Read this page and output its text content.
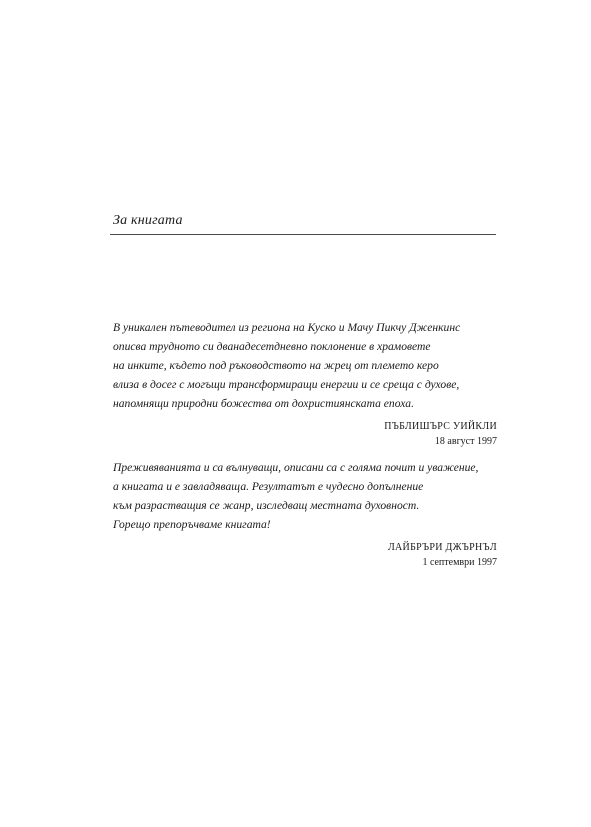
За книгата

В уникален пътеводител из региона на Куско и Мачу Пикчу Дженкинс
описва трудното си дванадесетдневно поклонение в храмовете
на инките, където под ръководството на жрец от племето керо
влиза в досег с могъщи трансформиращи енергии и се среща с духове,
напомнящи природни божества от дохристиянската епоха.

ПЪБЛИШЪРС УИЙКЛИ
18 август 1997

Преживяванията и са вълнуващи, описани са с голяма почит и уважение,
а книгата и е завладяваща. Резултатът е чудесно допълнение
към разрастващия се жанр, изследващ местната духовност.
Горещо препоръчваме книгата!

ЛАЙБРЪРИ ДЖЪРНЪЛ
1 септември 1997
